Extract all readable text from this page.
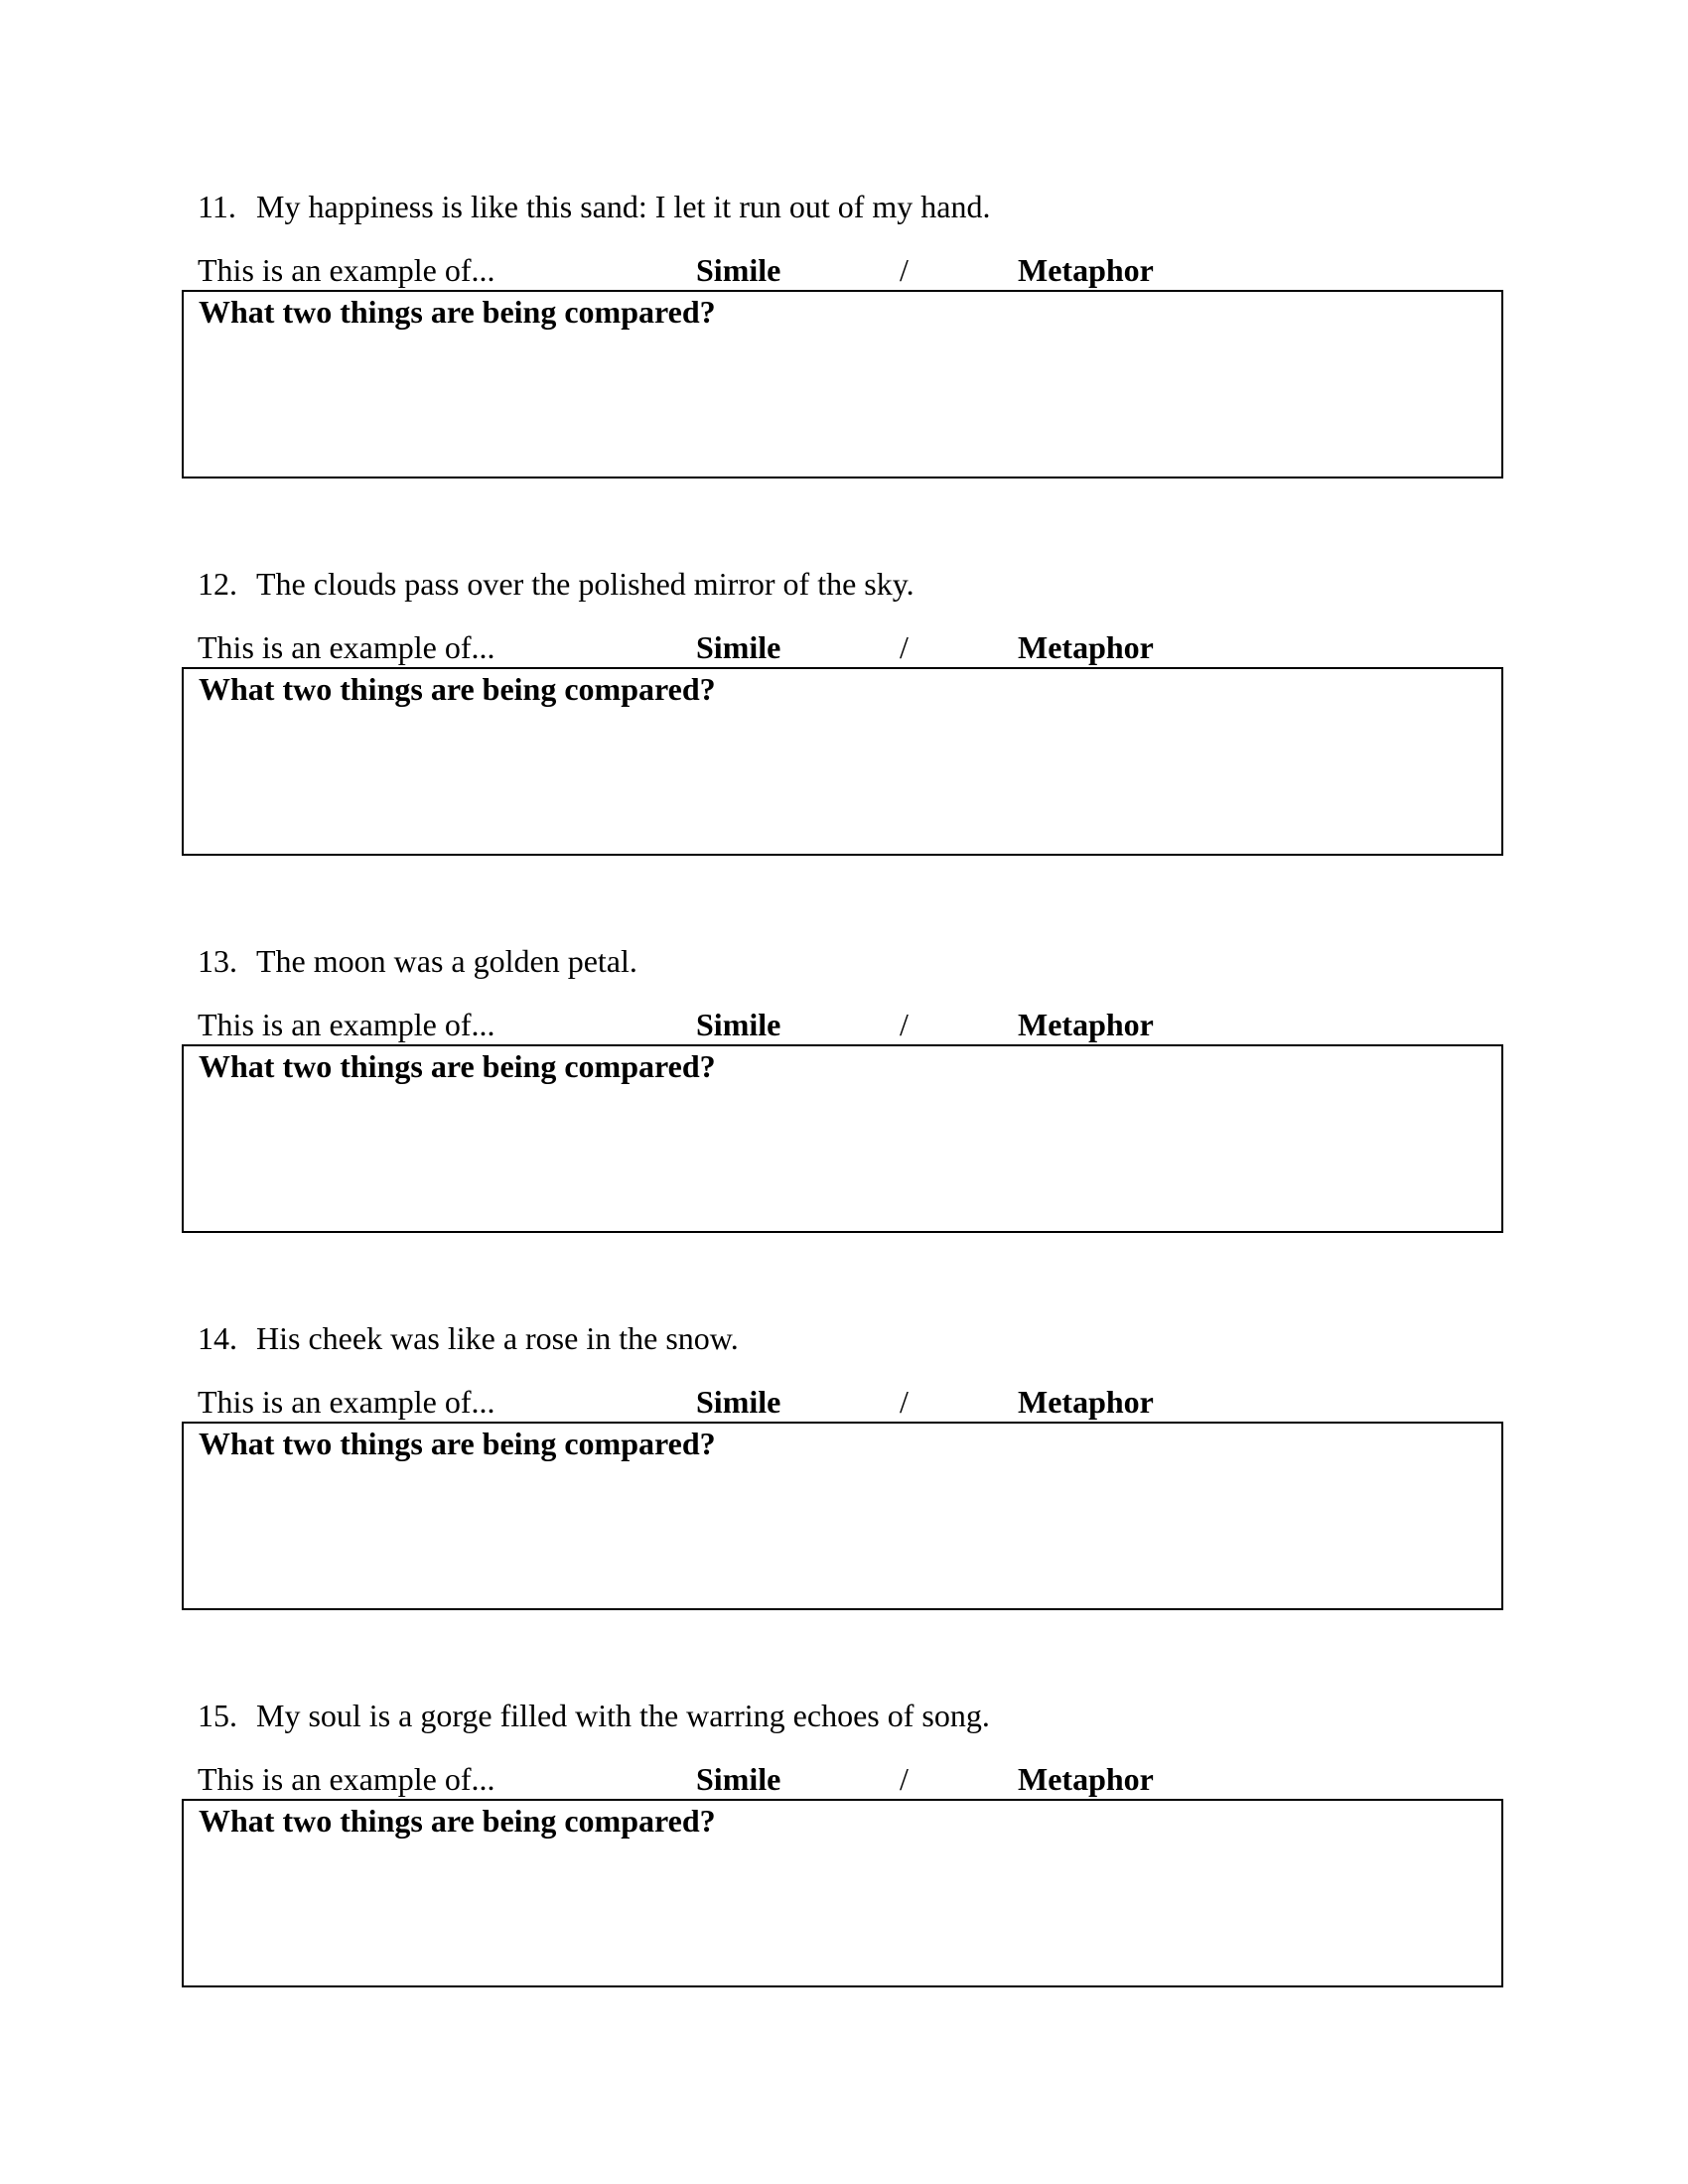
11. My happiness is like this sand: I let it run out of my hand.
This is an example of...	Simile	/	Metaphor
What two things are being compared?
12. The clouds pass over the polished mirror of the sky.
This is an example of...	Simile	/	Metaphor
What two things are being compared?
13. The moon was a golden petal.
This is an example of...	Simile	/	Metaphor
What two things are being compared?
14. His cheek was like a rose in the snow.
This is an example of...	Simile	/	Metaphor
What two things are being compared?
15. My soul is a gorge filled with the warring echoes of song.
This is an example of...	Simile	/	Metaphor
What two things are being compared?
